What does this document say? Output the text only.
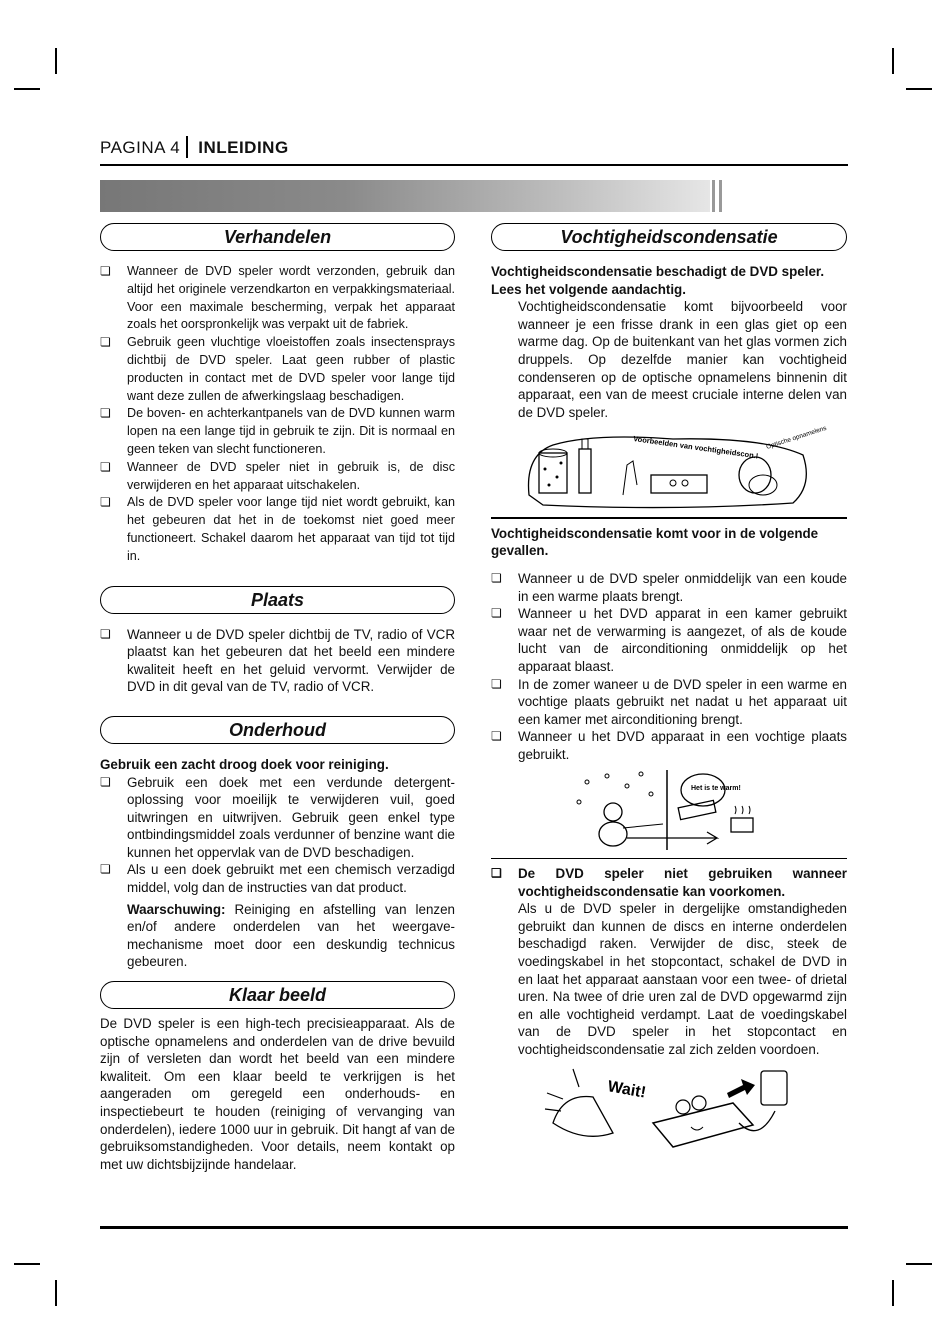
PAGINA 4 INLEIDING
Verhandelen
❏ Wanneer de DVD speler wordt verzonden, gebruik dan altijd het originele verzendkarton en verpakkingsmateriaal. Voor een maximale bescherming, verpak het apparaat zoals het oorspronkelijk was verpakt uit de fabriek.
❏ Gebruik geen vluchtige vloeistoffen zoals insectensprays dichtbij de DVD speler. Laat geen rubber of plastic producten in contact met de DVD speler voor lange tijd want deze zullen de afwerkingslaag beschadigen.
❏ De boven- en achterkantpanels van de DVD kunnen warm lopen na een lange tijd in gebruik te zijn. Dit is normaal en geen teken van slecht functioneren.
❏ Wanneer de DVD speler niet in gebruik is, de disc verwijderen en het apparaat uitschakelen.
❏ Als de DVD speler voor lange tijd niet wordt gebruikt, kan het gebeuren dat het in de toekomst niet goed meer functioneert. Schakel daarom het apparaat van tijd tot tijd in.
Plaats
❏ Wanneer u de DVD speler dichtbij de TV, radio of VCR plaatst kan het gebeuren dat het beeld een mindere kwaliteit heeft en het geluid vervormt. Verwijder de DVD in dit geval van de TV, radio of VCR.
Onderhoud
Gebruik een zacht droog doek voor reiniging.
❏ Gebruik een doek met een verdunde detergent-oplossing voor moeilijk te verwijderen vuil, goed uitwringen en uitwrijven. Gebruik geen enkel type ontbindingsmiddel zoals verdunner of benzine want die kunnen het oppervlak van de DVD beschadigen.
❏ Als u een doek gebruikt met een chemisch verzadigd middel, volg dan de instructies van dat product.
Waarschuwing: Reiniging en afstelling van lenzen en/of andere onderdelen van het weergave-mechanisme moet door een deskundig technicus gebeuren.
Klaar beeld
De DVD speler is een high-tech precisieapparaat. Als de optische opnamelens and onderdelen van de drive bevuild zijn of versleten dan wordt het beeld van een mindere kwaliteit. Om een klaar beeld te verkrijgen is het aangeraden om geregeld een onderhouds- en inspectiebeurt te houden (reiniging of vervanging van onderdelen), iedere 1000 uur in gebruik. Dit hangt af van de gebruiksomstandigheden. Voor details, neem kontakt op met uw dichtsbijzijnde handelaar.
Vochtigheidscondensatie
Vochtigheidscondensatie beschadigt de DVD speler. Lees het volgende aandachtig.
Vochtigheidscondensatie komt bijvoorbeeld voor wanneer je een frisse drank in een glas giet op een warme dag. Op de buitenkant van het glas vormen zich druppels. Op dezelfde manier kan vochtigheid condenseren op de optische opnamelens binnenin dit apparaat, een van de meest cruciale interne delen van de DVD speler.
Voorbeelden van vochtigheidscon.! Optische opnamelens
Vochtigheidscondensatie komt voor in de volgende gevallen.
❏ Wanneer u de DVD speler onmiddelijk van een koude in een warme plaats brengt.
❏ Wanneer u het DVD apparat in een kamer gebruikt waar net de verwarming is aangezet, of als de koude lucht van de airconditioning onmiddelijk op het apparaat blaast.
❏ In de zomer waneer u de DVD speler in een warme en vochtige plaats gebruikt net nadat u het apparaat uit een kamer met airconditioning brengt.
❏ Wanneer u het DVD apparaat in een vochtige plaats gebruikt.
Het is te warm!
❏ De DVD speler niet gebruiken wanneer vochtigheidscondensatie kan voorkomen.
Als u de DVD speler in dergelijke omstandigheden gebruikt dan kunnen de discs en interne onderdelen beschadigd raken. Verwijder de disc, steek de voedingskabel in het stopcontact, schakel de DVD in en laat het apparaat aanstaan voor een twee- of drietal uren. Na twee of drie uren zal de DVD opgewarmd zijn en alle vochtigheid verdampt. Laat de voedingskabel van de DVD speler in het stopcontact en vochtigheidscondensatie zal zich zelden voordoen.
Wait!
